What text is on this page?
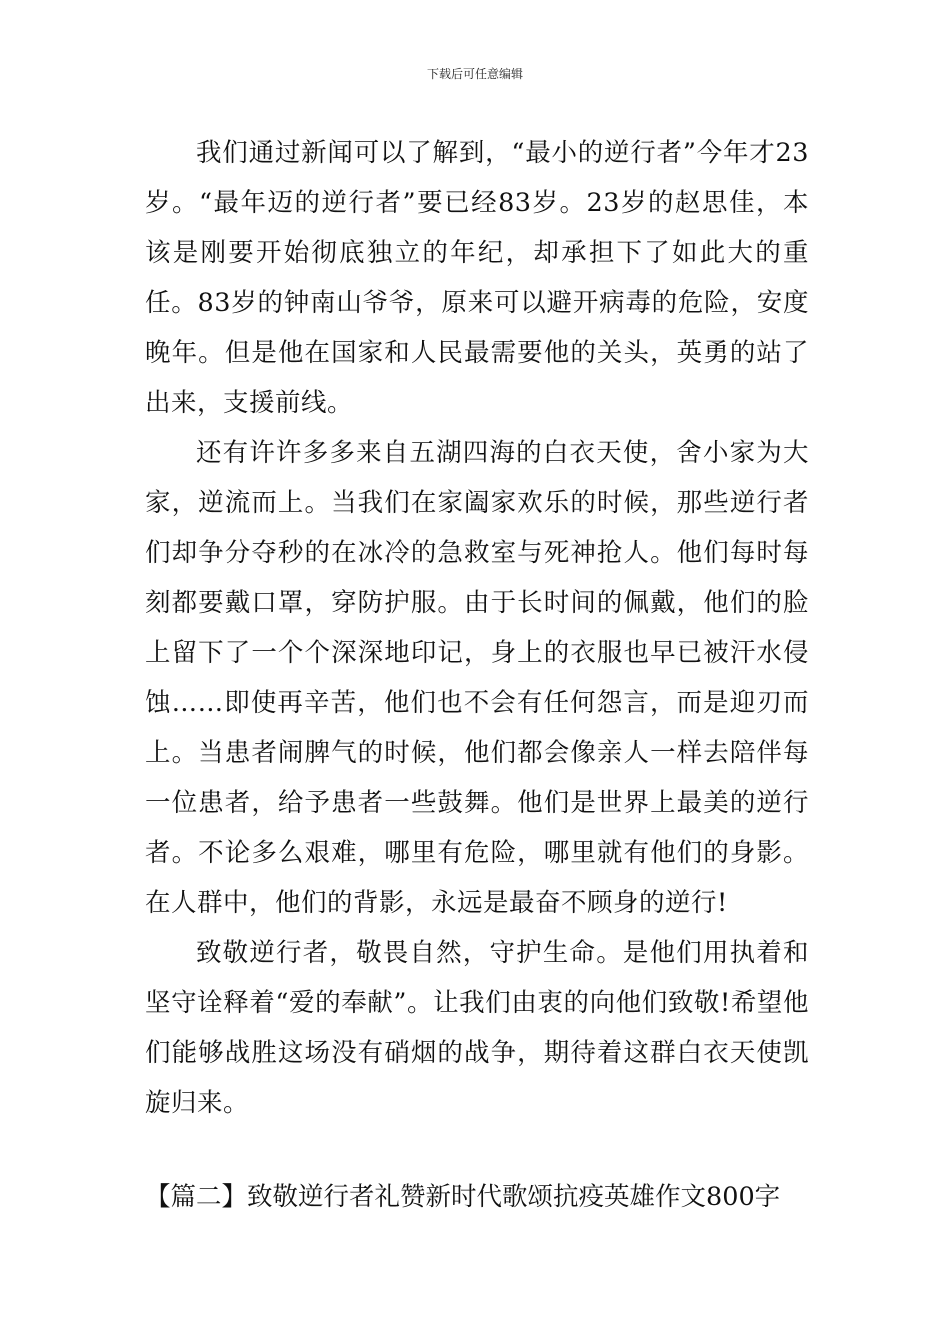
下载后可任意编辑

我们通过新闻可以了解到，“最小的逆行者”今年才23岁。“最年迈的逆行者”要已经83岁。23岁的赵思佳，本该是刚要开始彻底独立的年纪，却承担下了如此大的重任。83岁的钟南山爷爷，原来可以避开病毒的危险，安度晚年。但是他在国家和人民最需要他的关头，英勇的站了出来，支援前线。

还有许许多多来自五湖四海的白衣天使，舍小家为大家，逆流而上。当我们在家阖家欢乐的时候，那些逆行者们却争分夺秒的在冰冷的急救室与死神抢人。他们每时每刻都要戴口罩，穿防护服。由于长时间的佩戴，他们的脸上留下了一个个深深地印记，身上的衣服也早已被汗水侵蚀……即使再辛苦，他们也不会有任何怨言，而是迎刃而上。当患者闹脾气的时候，他们都会像亲人一样去陪伴每一位患者，给予患者一些鼓舞。他们是世界上最美的逆行者。不论多么艰难，哪里有危险，哪里就有他们的身影。在人群中，他们的背影，永远是最奋不顾身的逆行!

致敬逆行者，敬畏自然，守护生命。是他们用执着和坚守诠释着“爱的奉献”。让我们由衷的向他们致敬!希望他们能够战胜这场没有硝烟的战争，期待着这群白衣天使凯旋归来。

【篇二】致敬逆行者礼赞新时代歌颂抗疫英雄作文800字
